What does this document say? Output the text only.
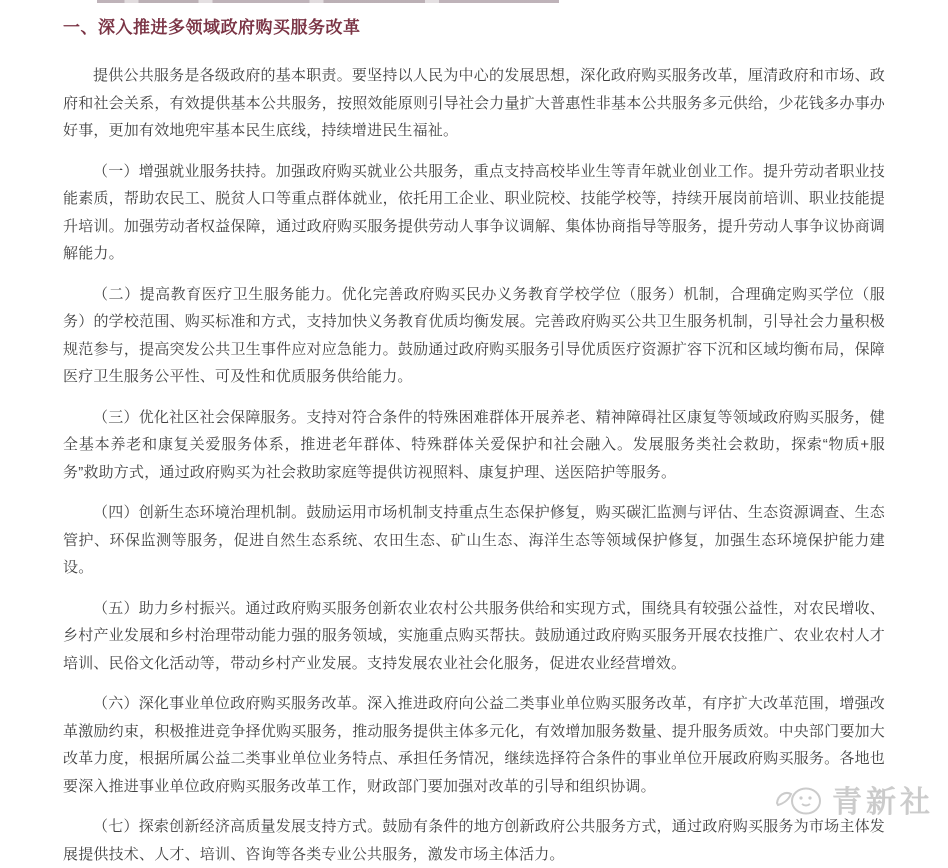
一、深入推进多领域政府购买服务改革

提供公共服务是各级政府的基本职责。要坚持以人民为中心的发展思想，深化政府购买服务改革，厘清政府和市场、政府和社会关系，有效提供基本公共服务，按照效能原则引导社会力量扩大普惠性非基本公共服务多元供给，少花钱多办事办好事，更加有效地兜牢基本民生底线，持续增进民生福祉。

（一）增强就业服务扶持。加强政府购买就业公共服务，重点支持高校毕业生等青年就业创业工作。提升劳动者职业技能素质，帮助农民工、脱贫人口等重点群体就业，依托用工企业、职业院校、技能学校等，持续开展岗前培训、职业技能提升培训。加强劳动者权益保障，通过政府购买服务提供劳动人事争议调解、集体协商指导等服务，提升劳动人事争议协商调解能力。

（二）提高教育医疗卫生服务能力。优化完善政府购买民办义务教育学校学位（服务）机制，合理确定购买学位（服务）的学校范围、购买标准和方式，支持加快义务教育优质均衡发展。完善政府购买公共卫生服务机制，引导社会力量积极规范参与，提高突发公共卫生事件应对应急能力。鼓励通过政府购买服务引导优质医疗资源扩容下沉和区域均衡布局，保障医疗卫生服务公平性、可及性和优质服务供给能力。

（三）优化社区社会保障服务。支持对符合条件的特殊困难群体开展养老、精神障碍社区康复等领域政府购买服务，健全基本养老和康复关爱服务体系，推进老年群体、特殊群体关爱保护和社会融入。发展服务类社会救助，探索“物质+服务”救助方式，通过政府购买为社会救助家庭等提供访视照料、康复护理、送医陪护等服务。

（四）创新生态环境治理机制。鼓励运用市场机制支持重点生态保护修复，购买碳汇监测与评估、生态资源调查、生态管护、环保监测等服务，促进自然生态系统、农田生态、矿山生态、海洋生态等领域保护修复，加强生态环境保护能力建设。

（五）助力乡村振兴。通过政府购买服务创新农业农村公共服务供给和实现方式，围绕具有较强公益性，对农民增收、乡村产业发展和乡村治理带动能力强的服务领域，实施重点购买帮扶。鼓励通过政府购买服务开展农技推广、农业农村人才培训、民俗文化活动等，带动乡村产业发展。支持发展农业社会化服务，促进农业经营增效。

（六）深化事业单位政府购买服务改革。深入推进政府向公益二类事业单位购买服务改革，有序扩大改革范围，增强改革激励约束，积极推进竞争择优购买服务，推动服务提供主体多元化，有效增加服务数量、提升服务质效。中央部门要加大改革力度，根据所属公益二类事业单位业务特点、承担任务情况，继续选择符合条件的事业单位开展政府购买服务。各地也要深入推进事业单位政府购买服务改革工作，财政部门要加强对改革的引导和组织协调。

（七）探索创新经济高质量发展支持方式。鼓励有条件的地方创新政府公共服务方式，通过政府购买服务为市场主体发展提供技术、人才、培训、咨询等各类专业公共服务，激发市场主体活力。

青新社
